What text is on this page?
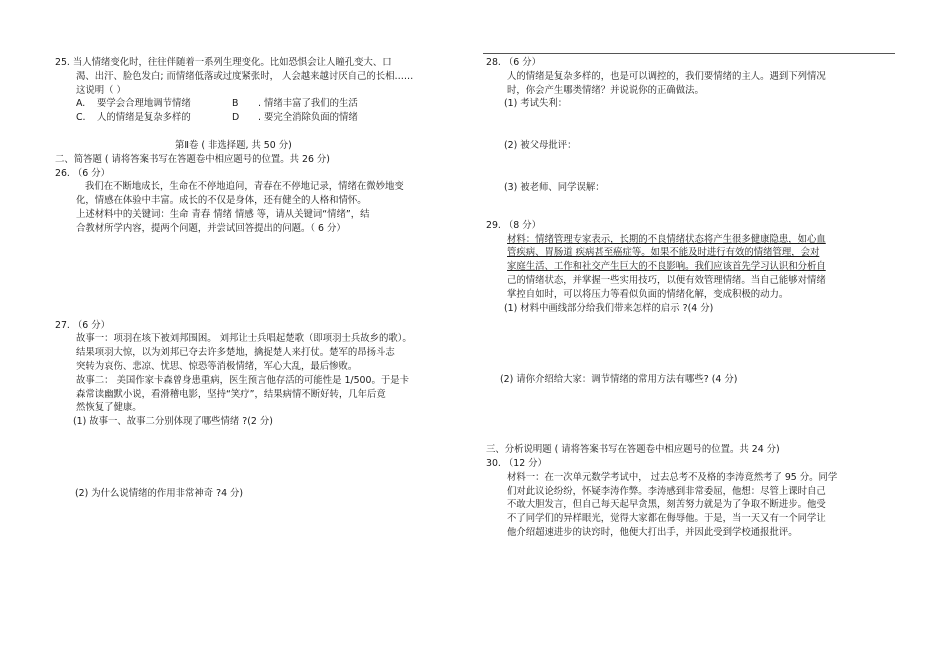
25. 当人情绪变化时，往往伴随着一系列生理变化。比如恐惧会让人瞳孔变大、口
渴、出汗、脸色发白; 而情绪低落或过度紧张时， 人会越来越讨厌自己的长相……
这说明（ ）
A.	要学会合理地调节情绪	B	. 情绪丰富了我们的生活
C.	人的情绪是复杂多样的	D	. 要完全消除负面的情绪
第Ⅱ卷 ( 非选择题, 共 50 分)
二、简答题 ( 请将答案书写在答题卷中相应题号的位置。共 26 分)
26. （6 分）
我们在不断地成长，生命在不停地追问，青春在不停地记录，情绪在微妙地变
化，情感在体验中丰富。成长的不仅是身体，还有健全的人格和情怀。
上述材料中的关键词：生命 青春 情绪 情感 等，请从关键词“情绪”，结
合教材所学内容，提两个问题，并尝试回答提出的问题。（ 6 分）
27. （6 分）
故事一：项羽在垓下被刘邦围困。 刘邦让士兵唱起楚歌（即项羽士兵故乡的歌）。
结果项羽大惊，以为刘邦已夺去许多楚地，擒捉楚人来打仗。楚军的昂扬斗志
突转为哀伤、悲凉、忧思、惊恐等消极情绪，军心大乱，最后惨败。
故事二： 美国作家卡森曾身患重病，医生预言他存活的可能性是 1/500。于是卡
森常读幽默小说，看滑稽电影，坚持“笑疗”，结果病情不断好转，几年后竟
然恢复了健康。
(1) 故事一、故事二分别体现了哪些情绪 ?(2 分)
(2) 为什么说情绪的作用非常神奇 ?4 分)
28. （6 分）
人的情绪是复杂多样的，也是可以调控的，我们要情绪的主人。遇到下列情况
时，你会产生哪类情绪？并说说你的正确做法。
(1) 考试失利：
(2) 被父母批评：
(3) 被老师、同学误解：
29. （8 分）
材料：情绪管理专家表示，长期的不良情绪状态将产生很多健康隐患，如心血
管疾病、胃肠道 疾病甚至癌症等。如果不能及时进行有效的情绪管理，会对
家庭生活、工作和社交产生巨大的不良影响。我们应该首先学习认识和分析自
己的情绪状态，并掌握一些实用技巧，以便有效管理情绪。当自己能够对情绪
掌控自如时，可以将压力等看似负面的情绪化解，变成积极的动力。
(1) 材料中画线部分给我们带来怎样的启示 ?(4 分)
(2) 请你介绍给大家：调节情绪的常用方法有哪些? (4 分)
三、分析说明题 ( 请将答案书写在答题卷中相应题号的位置。共 24 分)
30. （12 分）
材料一：在一次单元数学考试中， 过去总考不及格的李涛竟然考了 95 分。同学
们对此议论纷纷，怀疑李涛作弊。李涛感到非常委屈，他想：尽管上课时自己
不敢大胆发言，但自己每天起早贪黑，刻苦努力就是为了争取不断进步。他受
不了同学们的异样眼光，觉得大家都在侮辱他。于是，当一天又有一个同学让
他介绍超速进步的诀窍时，他便大打出手，并因此受到学校通报批评。
